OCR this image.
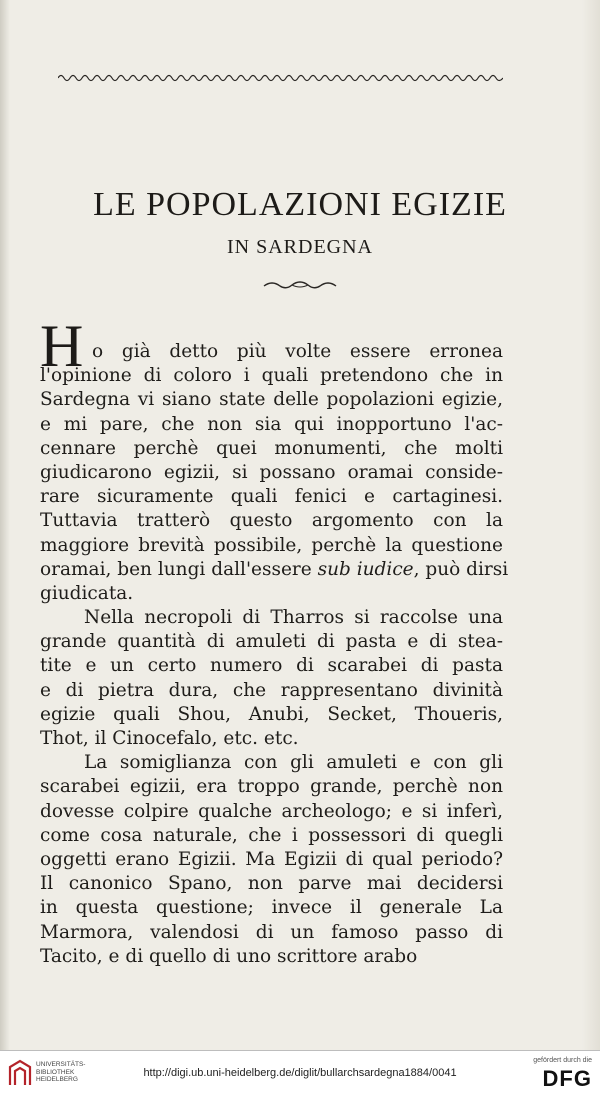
LE POPOLAZIONI EGIZIE
IN SARDEGNA
o già detto più volte essere erronea
l'opinione di coloro i quali pretendono che in
Sardegna vi siano state delle popolazioni egizie,
e mi pare, che non sia qui inopportuno l'ac-
cennare perchè quei monumenti, che molti
giudicarono egizii, si possano oramai conside-
rare sicuramente quali fenici e cartaginesi.
Tuttavia tratterò questo argomento con la
maggiore brevità possibile, perchè la questione
oramai, ben lungi dall'essere sub iudice, può dirsi
giudicata.
Nella necropoli di Tharros si raccolse una
grande quantità di amuleti di pasta e di stea-
tite e un certo numero di scarabei di pasta
e di pietra dura, che rappresentano divinità
egizie quali Shou, Anubi, Secket, Thoueris,
Thot, il Cinocefalo, etc. etc.
La somiglianza con gli amuleti e con gli
scarabei egizii, era troppo grande, perchè non
dovesse colpire qualche archeologo; e si inferì,
come cosa naturale, che i possessori di quegli
oggetti erano Egizii. Ma Egizii di qual periodo?
Il canonico Spano, non parve mai decidersi
in questa questione; invece il generale La
Marmora, valendosi di un famoso passo di
Tacito, e di quello di uno scrittore arabo
H
UNIVERSITÄTS-
BIBLIOTHEK
HEIDELBERG
http://digi.ub.uni-heidelberg.de/diglit/bullarchsardegna1884/0041
gefördert durch die
DFG
